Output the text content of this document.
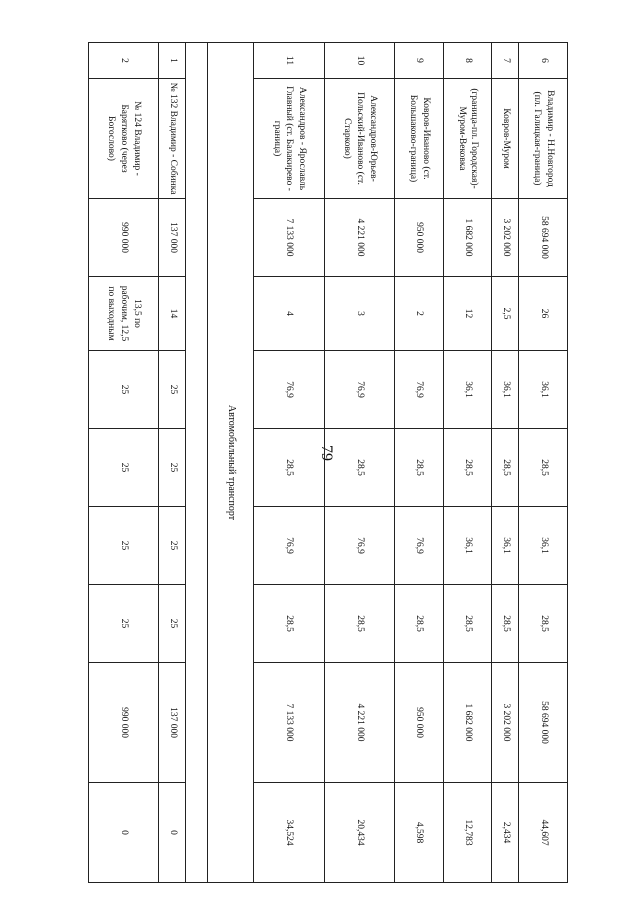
79
6	Владимир - Н.Новгород (пл. Галицкая-граница)	58 694 000	26	36,1	28,5	36,1	28,5	58 694 000	44,607
7	Ковров-Муром	3 202 000	2,5	36,1	28,5	36,1	28,5	3 202 000	2,434
8	(граница-пл. Городская)-Муром-Вековка	1 682 000	12	36,1	28,5	36,1	28,5	1 682 000	12,783
9	Ковров-Иваново (ст. Большаково-граница)	950 000	2	76,9	28,5	76,9	28,5	950 000	4,598
10	Александров-Юрьев-Польский-Иваново (ст. Старково)	4 221 000	3	76,9	28,5	76,9	28,5	4 221 000	20,434
11	Александров - Ярославль Главный (ст. Балакирево - граница)	7 133 000	4	76,9	28,5	76,9	28,5	7 133 000	34,524
Автомобильный транспорт									

1	№ 132 Владимир - Собинка	137 000	14	25	25	25	25	137 000	0
2	№ 124 Владимир - Барятково (через Богослово)	990 000	13,5 по рабочим, 12,5 по выходным	25	25	25	25	990 000	0
